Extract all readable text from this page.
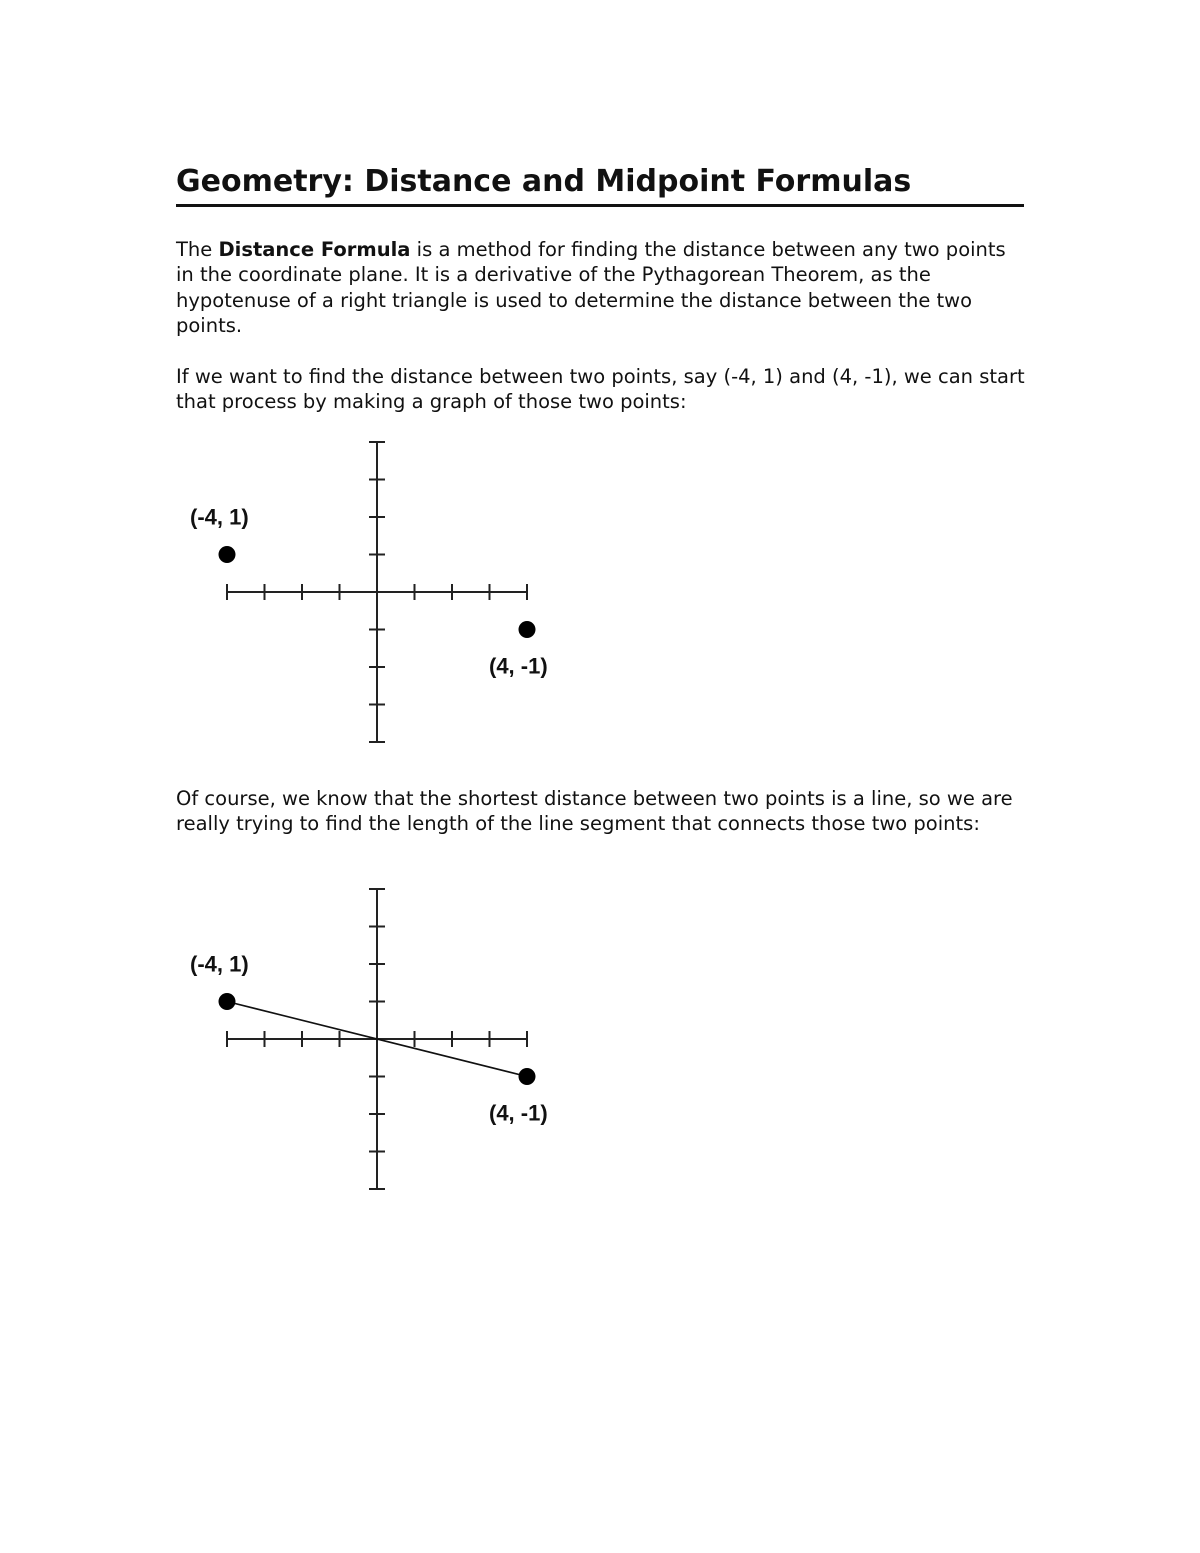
Geometry: Distance and Midpoint Formulas

The Distance Formula is a method for finding the distance between any two points in the coordinate plane. It is a derivative of the Pythagorean Theorem, as the hypotenuse of a right triangle is used to determine the distance between the two points.

If we want to find the distance between two points, say (-4, 1) and (4, -1), we can start that process by making a graph of those two points:

(-4, 1)
(4, -1)

Of course, we know that the shortest distance between two points is a line, so we are really trying to find the length of the line segment that connects those two points:

(-4, 1)
(4, -1)
